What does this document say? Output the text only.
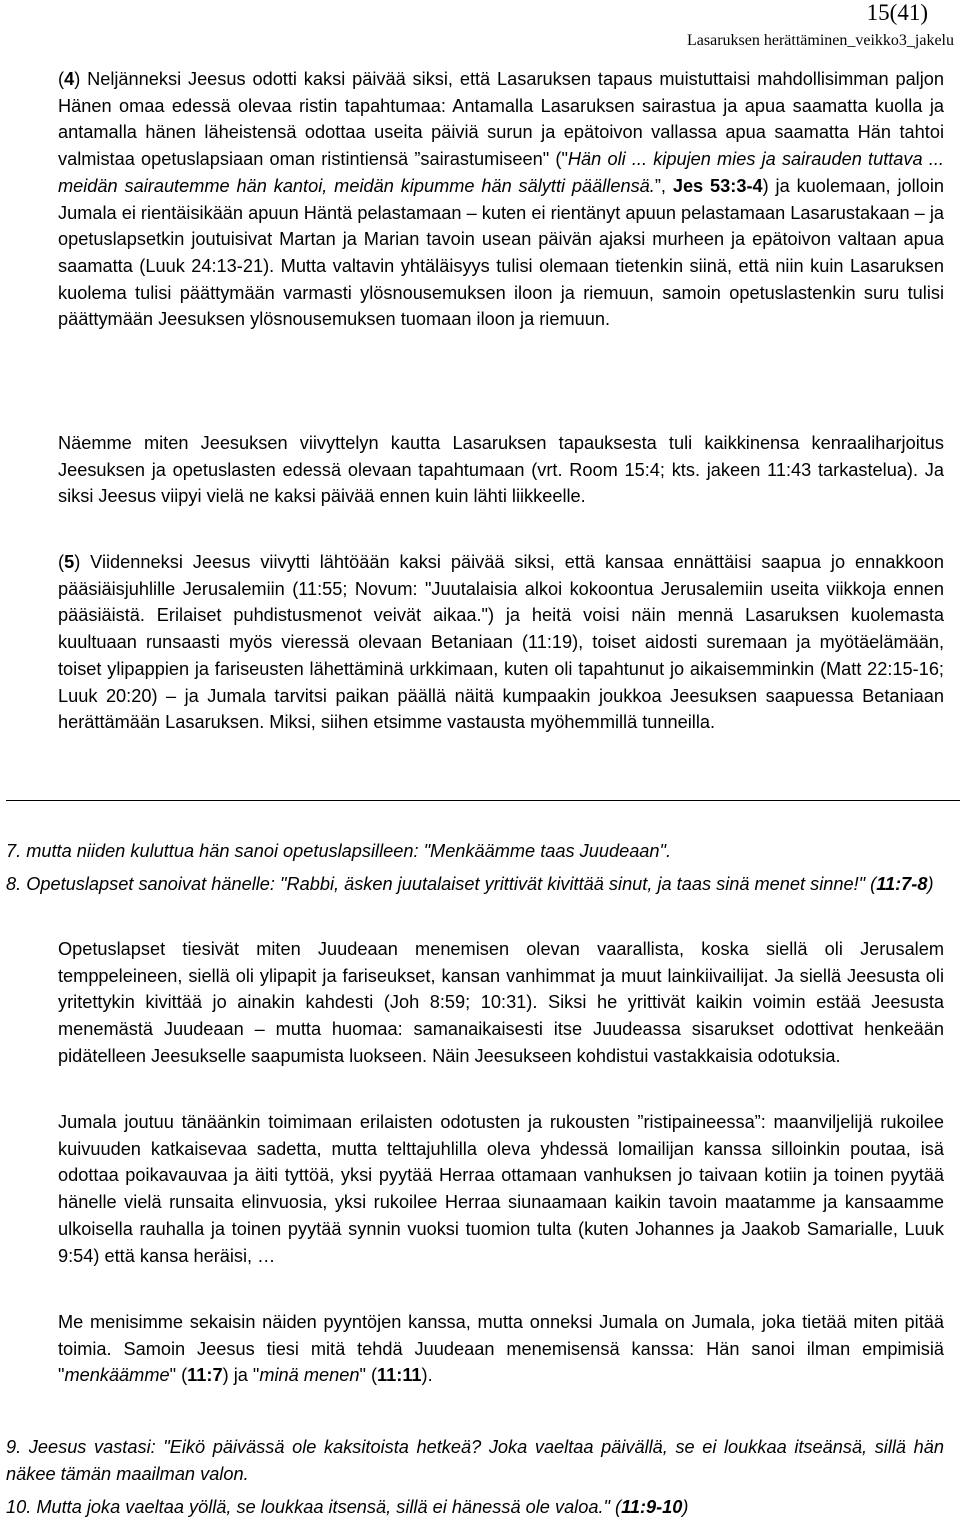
15(41)
Lasaruksen herättäminen_veikko3_jakelu
(4) Neljänneksi Jeesus odotti kaksi päivää siksi, että Lasaruksen tapaus muistuttaisi mahdollisimman paljon Hänen omaa edessä olevaa ristin tapahtumaa: Antamalla Lasaruksen sairastua ja apua saamatta kuolla ja antamalla hänen läheistensä odottaa useita päiviä surun ja epätoivon vallassa apua saamatta Hän tahtoi valmistaa opetuslapsiaan oman ristintiensä ”sairastumiseen" ("Hän oli ... kipujen mies ja sairauden tuttava ... meidän sairautemme hän kantoi, meidän kipumme hän sälytti päällensä.”, Jes 53:3-4) ja kuolemaan, jolloin Jumala ei rientäisikään apuun Häntä pelastamaan – kuten ei rientänyt apuun pelastamaan Lasarustakaan – ja opetuslapsetkin joutuisivat Martan ja Marian tavoin usean päivän ajaksi murheen ja epätoivon valtaan apua saamatta (Luuk 24:13-21). Mutta valtavin yhtäläisyys tulisi olemaan tietenkin siinä, että niin kuin Lasaruksen kuolema tulisi päättymään varmasti ylösnousemuksen iloon ja riemuun, samoin opetuslastenkin suru tulisi päättymään Jeesuksen ylösnousemuksen tuomaan iloon ja riemuun.
Näemme miten Jeesuksen viivyttelyn kautta Lasaruksen tapauksesta tuli kaikkinensa kenraaliharjoitus Jeesuksen ja opetuslasten edessä olevaan tapahtumaan (vrt. Room 15:4; kts. jakeen 11:43 tarkastelua). Ja siksi Jeesus viipyi vielä ne kaksi päivää ennen kuin lähti liikkeelle.
(5) Viidenneksi Jeesus viivytti lähtöään kaksi päivää siksi, että kansaa ennättäisi saapua jo ennakkoon pääsiäisjuhlille Jerusalemiin (11:55; Novum: "Juutalaisia alkoi kokoontua Jerusalemiin useita viikkoja ennen pääsiäistä. Erilaiset puhdistusmenot veivät aikaa.") ja heitä voisi näin mennä Lasaruksen kuolemasta kuultuaan runsaasti myös vieressä olevaan Betaniaan (11:19), toiset aidosti suremaan ja myötäelämään, toiset ylipappien ja fariseusten lähettäminä urkkimaan, kuten oli tapahtunut jo aikaisemminkin (Matt 22:15-16; Luuk 20:20) – ja Jumala tarvitsi paikan päällä näitä kumpaakin joukkoa Jeesuksen saapuessa Betaniaan herättämään Lasaruksen. Miksi, siihen etsimme vastausta myöhemmillä tunneilla.
7. mutta niiden kuluttua hän sanoi opetuslapsilleen: "Menkäämme taas Juudeaan".
8. Opetuslapset sanoivat hänelle: "Rabbi, äsken juutalaiset yrittivät kivittää sinut, ja taas sinä menet sinne!" (11:7-8)
Opetuslapset tiesivät miten Juudeaan menemisen olevan vaarallista, koska siellä oli Jerusalem temppeleineen, siellä oli ylipapit ja fariseukset, kansan vanhimmat ja muut lainkiivailijat. Ja siellä Jeesusta oli yritettykin kivittää jo ainakin kahdesti (Joh 8:59; 10:31). Siksi he yrittivät kaikin voimin estää Jeesusta menemästä Juudeaan – mutta huomaa: samanaikaisesti itse Juudeassa sisarukset odottivat henkeään pidätelleen Jeesukselle saapumista luokseen. Näin Jeesukseen kohdistui vastakkaisia odotuksia.
Jumala joutuu tänäänkin toimimaan erilaisten odotusten ja rukousten ”ristipaineessa”: maanviljelijä rukoilee kuivuuden katkaisevaa sadetta, mutta telttajuhlilla oleva yhdessä lomailijan kanssa silloinkin poutaa, isä odottaa poikavauvaa ja äiti tyttöä, yksi pyytää Herraa ottamaan vanhuksen jo taivaan kotiin ja toinen pyytää hänelle vielä runsaita elinvuosia, yksi rukoilee Herraa siunaamaan kaikin tavoin maatamme ja kansaamme ulkoisella rauhalla ja toinen pyytää synnin vuoksi tuomion tulta (kuten Johannes ja Jaakob Samarialle, Luuk 9:54) että kansa heräisi, …
Me menisimme sekaisin näiden pyyntöjen kanssa, mutta onneksi Jumala on Jumala, joka tietää miten pitää toimia. Samoin Jeesus tiesi mitä tehdä Juudeaan menemisensä kanssa: Hän sanoi ilman empimisiä "menkäämme" (11:7) ja "minä menen" (11:11).
9. Jeesus vastasi: "Eikö päivässä ole kaksitoista hetkeä? Joka vaeltaa päivällä, se ei loukkaa itseänsä, sillä hän näkee tämän maailman valon.
10. Mutta joka vaeltaa yöllä, se loukkaa itsensä, sillä ei hänessä ole valoa." (11:9-10)
